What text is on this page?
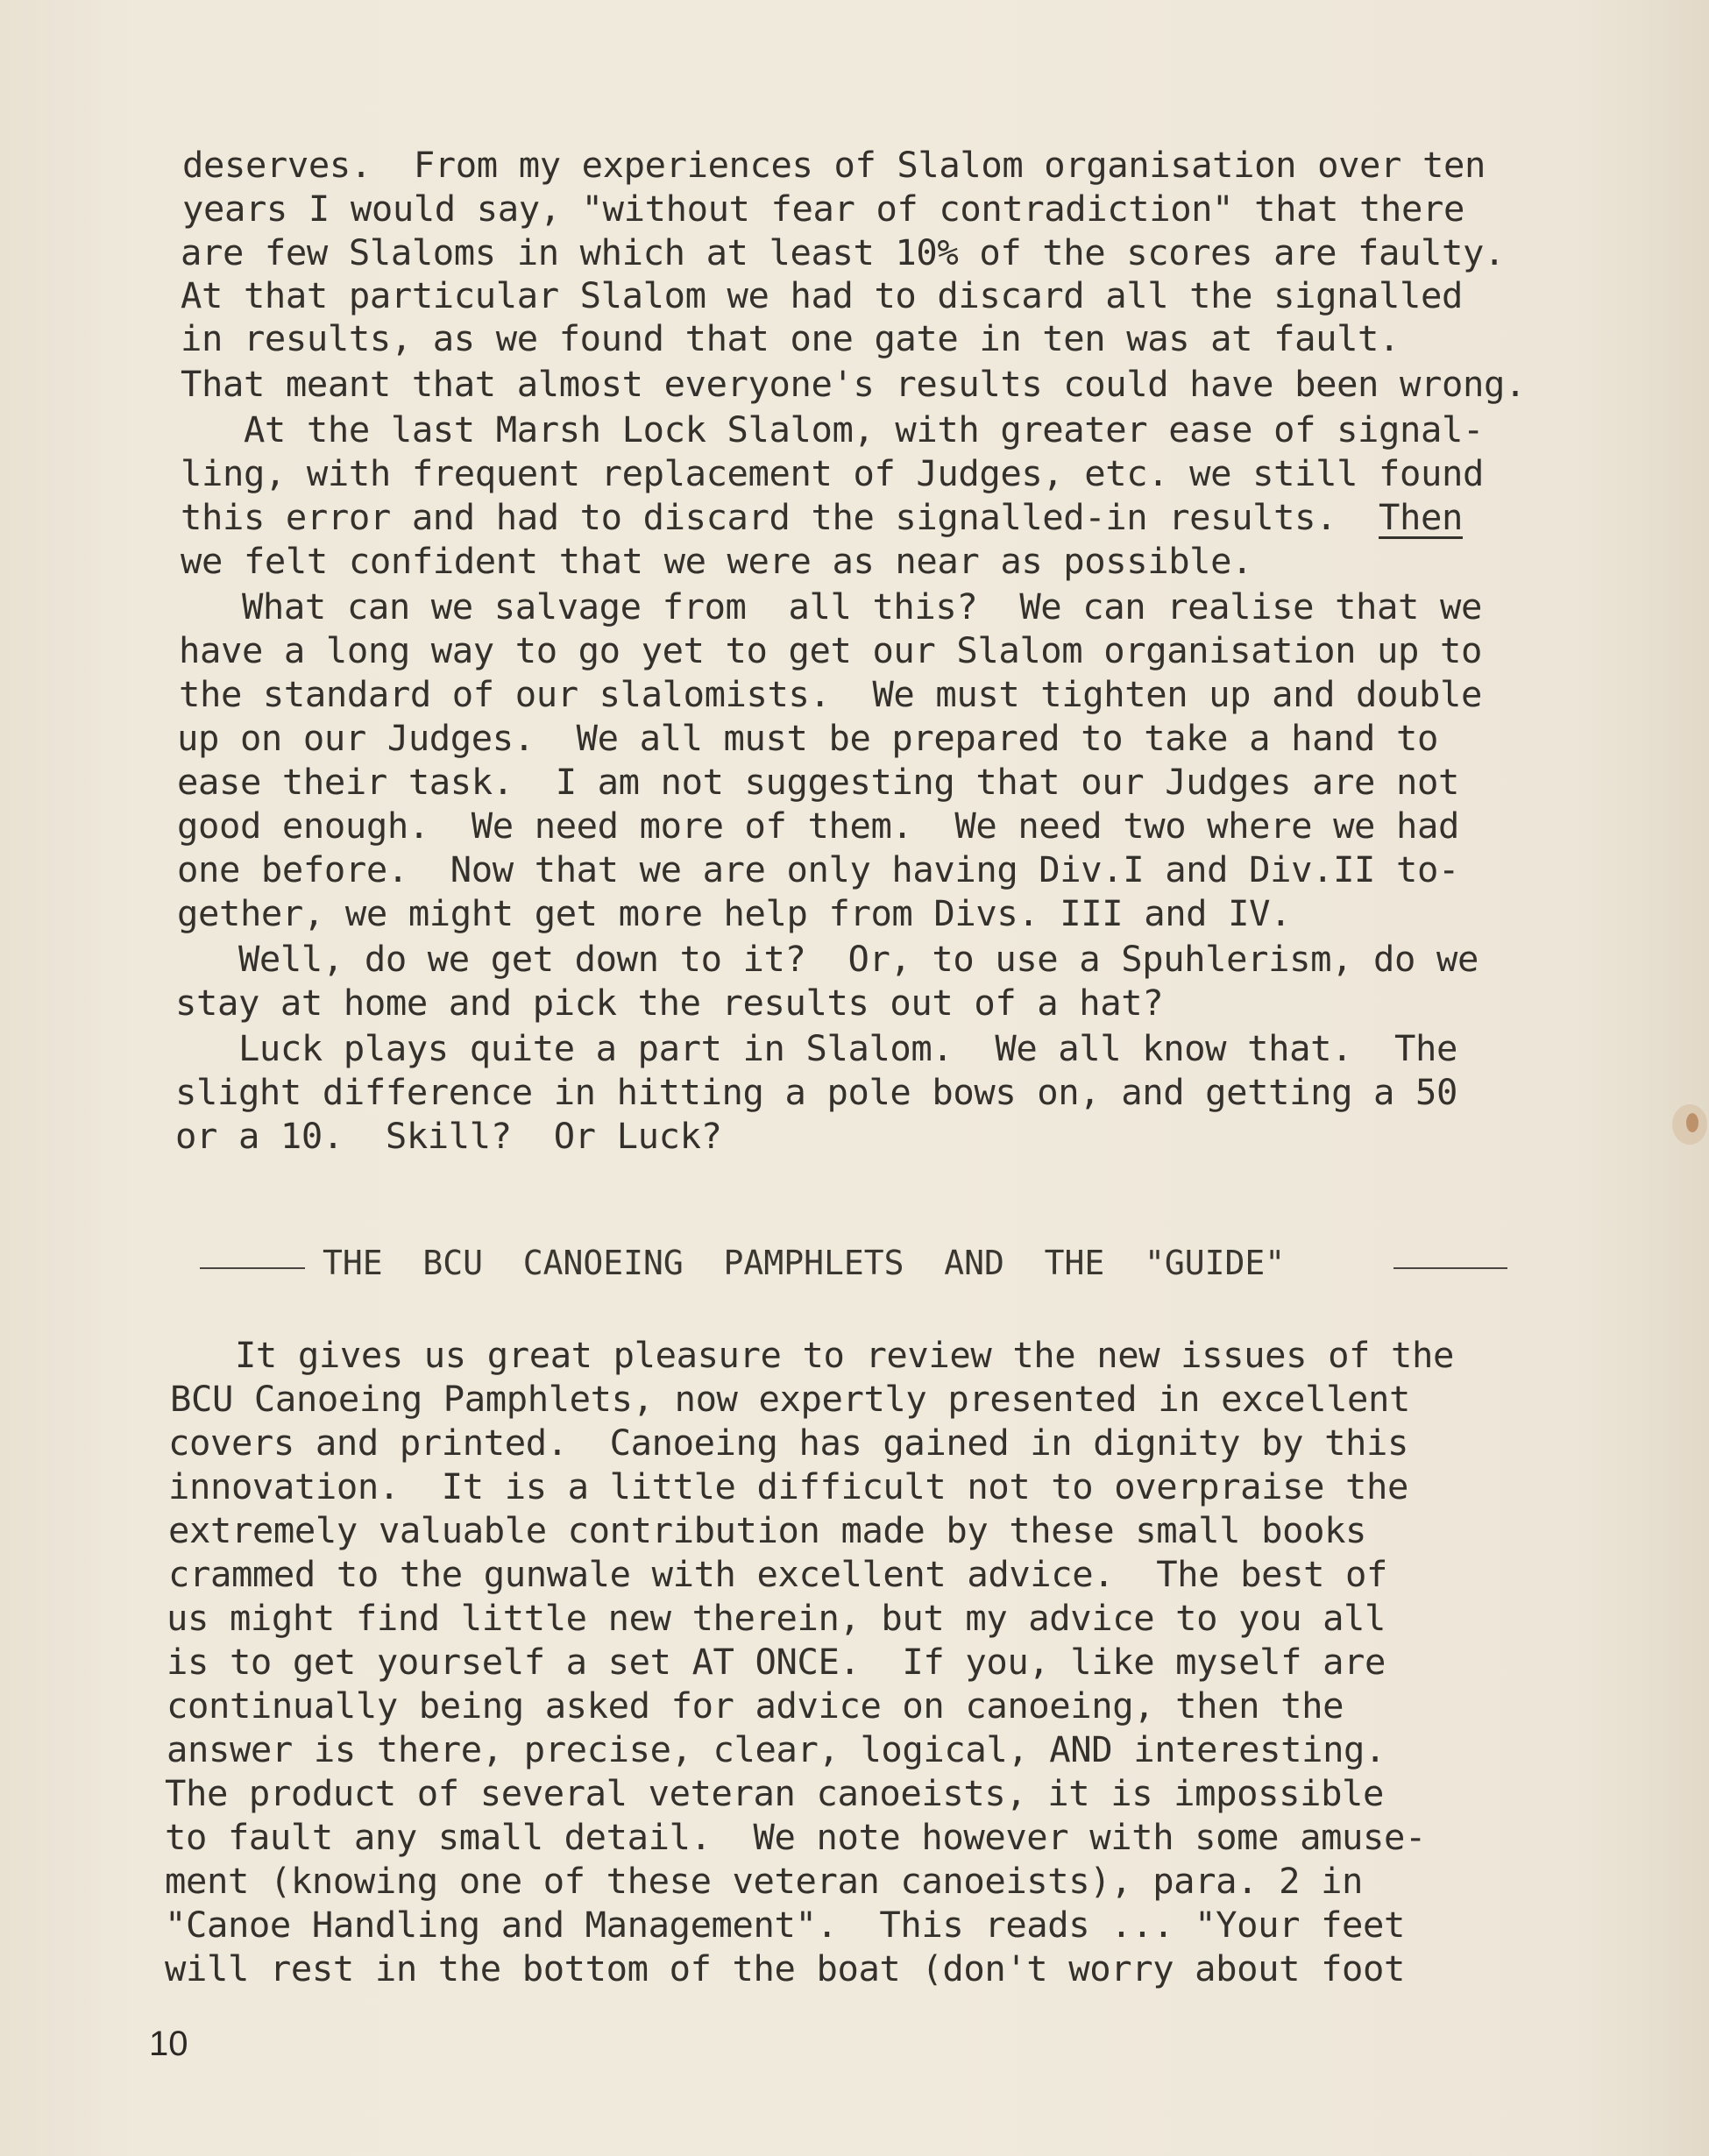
deserves.  From my experiences of Slalom organisation over ten
years I would say, "without fear of contradiction" that there
are few Slaloms in which at least 10% of the scores are faulty.
At that particular Slalom we had to discard all the signalled
in results, as we found that one gate in ten was at fault.
That meant that almost everyone's results could have been wrong.
At the last Marsh Lock Slalom, with greater ease of signal-
ling, with frequent replacement of Judges, etc. we still found
this error and had to discard the signalled-in results.  Then
we felt confident that we were as near as possible.
What can we salvage from  all this?  We can realise that we
have a long way to go yet to get our Slalom organisation up to
the standard of our slalomists.  We must tighten up and double
up on our Judges.  We all must be prepared to take a hand to
ease their task.  I am not suggesting that our Judges are not
good enough.  We need more of them.  We need two where we had
one before.  Now that we are only having Div.I and Div.II to-
gether, we might get more help from Divs. III and IV.
Well, do we get down to it?  Or, to use a Spuhlerism, do we
stay at home and pick the results out of a hat?
Luck plays quite a part in Slalom.  We all know that.  The
slight difference in hitting a pole bows on, and getting a 50
or a 10.  Skill?  Or Luck?
THE  BCU  CANOEING  PAMPHLETS  AND  THE  "GUIDE"
It gives us great pleasure to review the new issues of the
BCU Canoeing Pamphlets, now expertly presented in excellent
covers and printed.  Canoeing has gained in dignity by this
innovation.  It is a little difficult not to overpraise the
extremely valuable contribution made by these small books
crammed to the gunwale with excellent advice.  The best of
us might find little new therein, but my advice to you all
is to get yourself a set AT ONCE.  If you, like myself are
continually being asked for advice on canoeing, then the
answer is there, precise, clear, logical, AND interesting.
The product of several veteran canoeists, it is impossible
to fault any small detail.  We note however with some amuse-
ment (knowing one of these veteran canoeists), para. 2 in
"Canoe Handling and Management".  This reads ... "Your feet
will rest in the bottom of the boat (don't worry about foot
10
